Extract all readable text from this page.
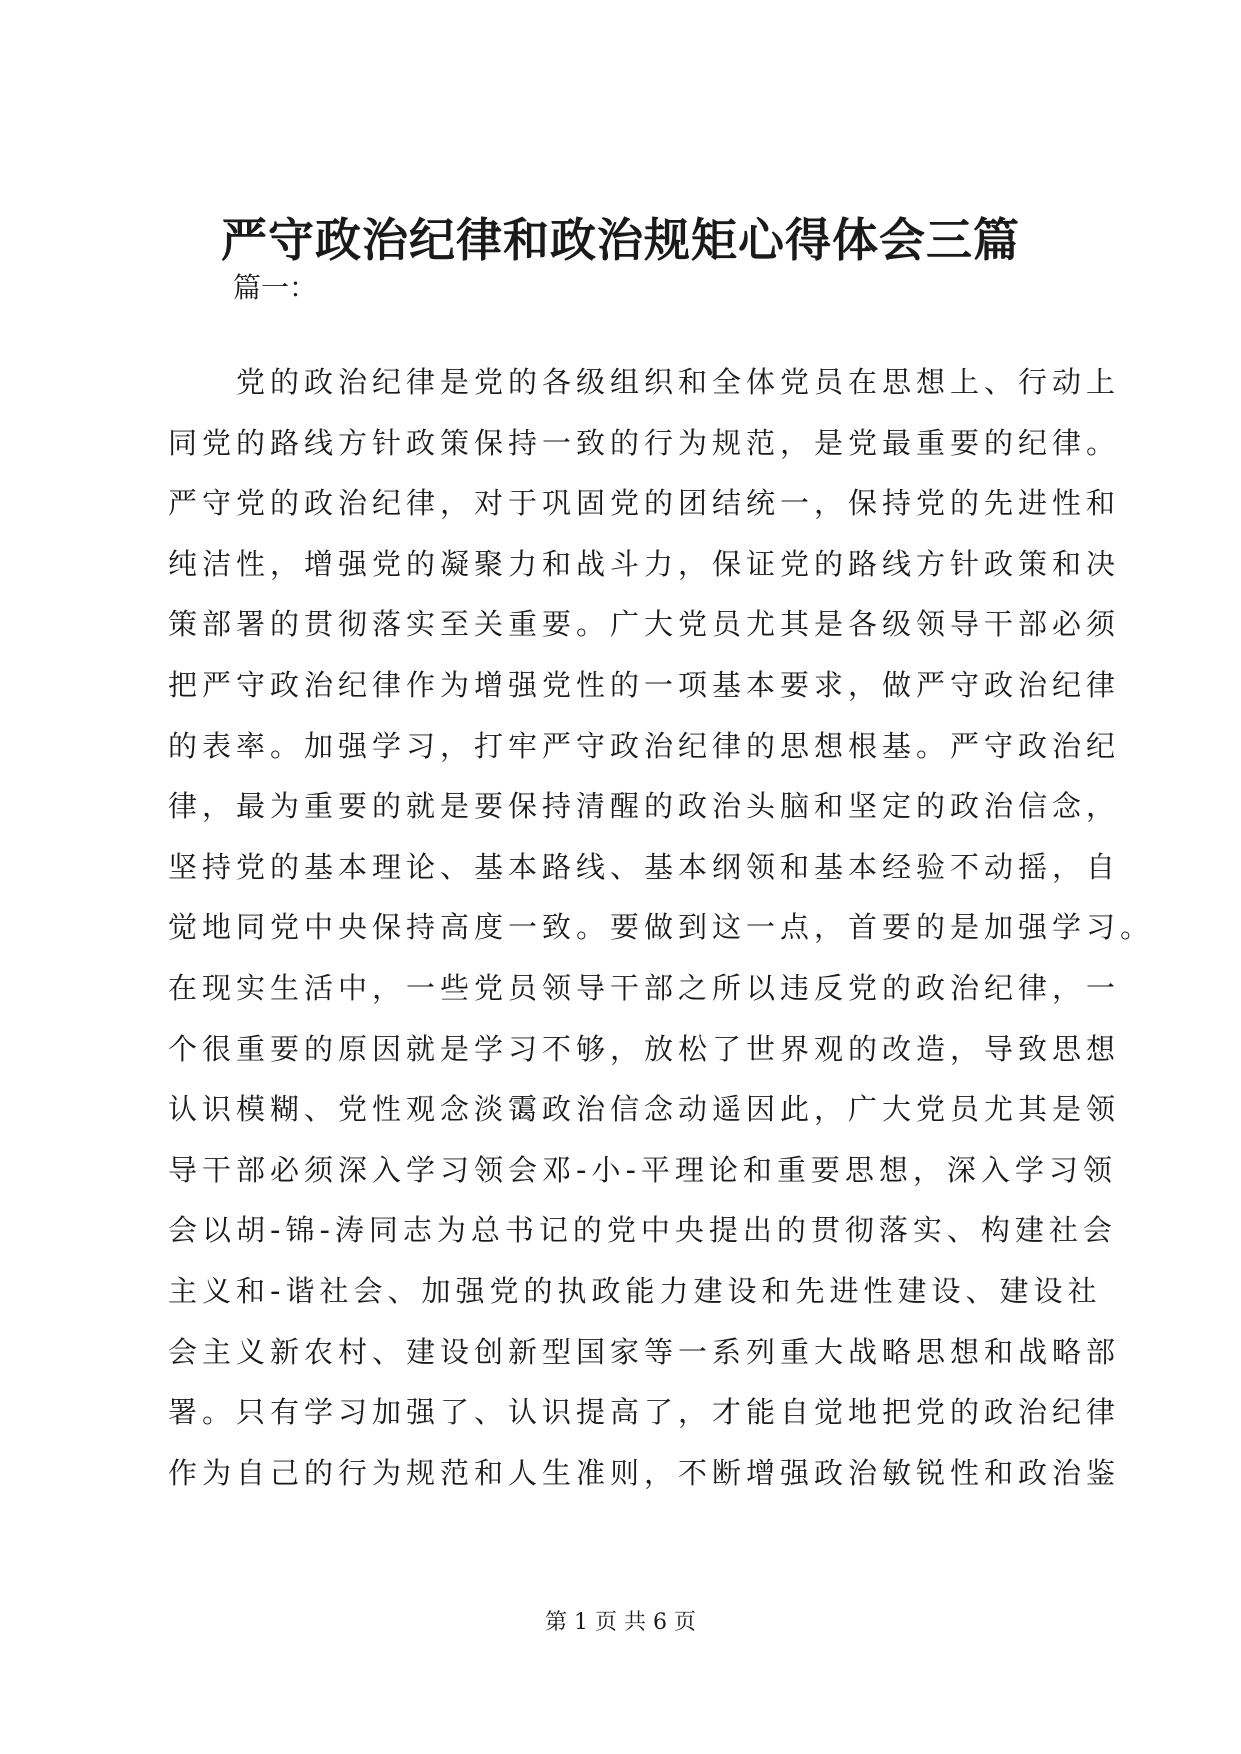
严守政治纪律和政治规矩心得体会三篇

篇一：

　　党的政治纪律是党的各级组织和全体党员在思想上、行动上
同党的路线方针政策保持一致的行为规范，是党最重要的纪律。
严守党的政治纪律，对于巩固党的团结统一，保持党的先进性和
纯洁性，增强党的凝聚力和战斗力，保证党的路线方针政策和决
策部署的贯彻落实至关重要。广大党员尤其是各级领导干部必须
把严守政治纪律作为增强党性的一项基本要求，做严守政治纪律
的表率。加强学习，打牢严守政治纪律的思想根基。严守政治纪
律，最为重要的就是要保持清醒的政治头脑和坚定的政治信念，
坚持党的基本理论、基本路线、基本纲领和基本经验不动摇，自
觉地同党中央保持高度一致。要做到这一点，首要的是加强学习。
在现实生活中，一些党员领导干部之所以违反党的政治纪律，一
个很重要的原因就是学习不够，放松了世界观的改造，导致思想
认识模糊、党性观念淡霭政治信念动遥因此，广大党员尤其是领
导干部必须深入学习领会邓-小-平理论和重要思想，深入学习领
会以胡-锦-涛同志为总书记的党中央提出的贯彻落实、构建社会
主义和-谐社会、加强党的执政能力建设和先进性建设、建设社
会主义新农村、建设创新型国家等一系列重大战略思想和战略部
署。只有学习加强了、认识提高了，才能自觉地把党的政治纪律
作为自己的行为规范和人生准则，不断增强政治敏锐性和政治鉴

第 1 页 共 6 页
